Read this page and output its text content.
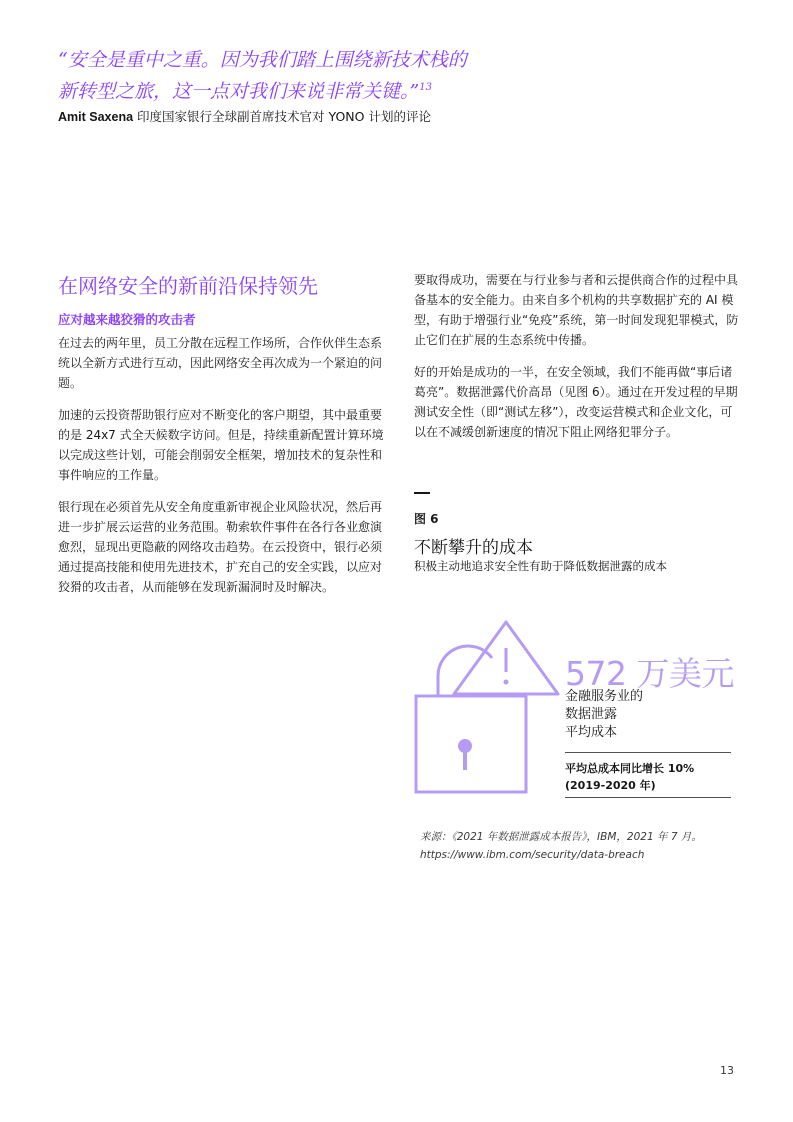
“安全是重中之重。因为我们踏上围绕新技术栈的
新转型之旅，这一点对我们来说非常关键。”$^{13}$
Amit Saxena 印度国家银行全球副首席技术官对 YONO 计划的评论
在网络安全的新前沿保持领先
应对越来越狡猾的攻击者

在过去的两年里，员工分散在远程工作场所，合作伙伴生态系统以全新方式进行互动，因此网络安全再次成为一个紧迫的问题。

加速的云投资帮助银行应对不断变化的客户期望，其中最重要的是 24x7 式全天候数字访问。但是，持续重新配置计算环境以完成这些计划，可能会削弱安全框架，增加技术的复杂性和事件响应的工作量。

银行现在必须首先从安全角度重新审视企业风险状况，然后再进一步扩展云运营的业务范围。勒索软件事件在各行各业愈演愈烈，显现出更隐蔽的网络攻击趋势。在云投资中，银行必须通过提高技能和使用先进技术，扩充自己的安全实践，以应对狡猾的攻击者，从而能够在发现新漏洞时及时解决。

要取得成功，需要在与行业参与者和云提供商合作的过程中具备基本的安全能力。由来自多个机构的共享数据扩充的 AI 模型，有助于增强行业“免疫”系统，第一时间发现犯罪模式，防止它们在扩展的生态系统中传播。

好的开始是成功的一半，在安全领域，我们不能再做“事后诸葛亮”。数据泄露代价高昂（见图 6）。通过在开发过程的早期测试安全性（即“测试左移”），改变运营模式和企业文化，可以在不减缓创新速度的情况下阻止网络犯罪分子。

图 6
不断攀升的成本
积极主动地追求安全性有助于降低数据泄露的成本
572 万美元
金融服务业的
数据泄露
平均成本
平均总成本同比增长 10%
(2019-2020 年)
来源：《2021 年数据泄露成本报告》，IBM，2021 年 7 月。
https://www.ibm.com/security/data-breach
13
